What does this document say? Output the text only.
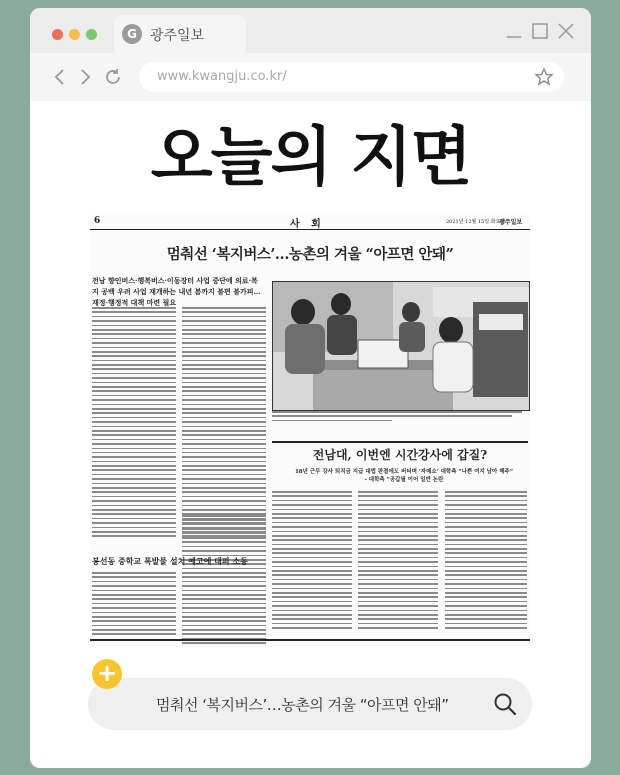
G 광주일보
www.kwangju.co.kr/
오늘의 지면
6	사 회	2021년 12월 15일 화요일
광주일보
멈춰선 ‘복지버스’…농촌의 겨울 “아프면 안돼”
전남 향인버스·행복버스·이동장터 사업 중단에 의료·복지 공백 우려 사업 재개하는 내년 봄까지 불편 불가피…재정·행정적 대책 마련 필요
전남대, 이번엔 시간강사에 갑질?
18년 근무 강사 퇴직금 지급 대법 판결에도 버티며 ‘자매소’ 대학측 “나쁜 여지 남아 해주” - 대학측 “공갑필 이어 일반 논란
봉선동 중학교 폭발물 설치 예고에 대피 소동
멈춰선 ‘복지버스’…농촌의 겨울 “아프면 안돼”
+
